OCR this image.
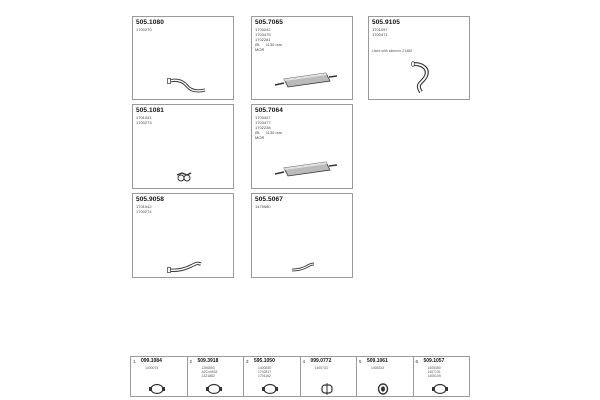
505.1080
1700270
505.7065
1703242
1703475
1702281
ØL     1130 mm
MOR
505.9105
1701097
1700471
Used with silencer 21480
505.1081
1701041
1700273
505.7064
1703447
1703477
1702238
ØL     1130 mm
MOR
505.9058
1701042
1700274
505.5067
1475580
1 099.1084
1400075
2 509.3918
1256853
A2Cx4533
1321882
3 595.1050
1400830
1702817
1701162
4 099.0772
1400733
5 509.1061
1405333
6 509.1057
1405480
1407131
1405105
